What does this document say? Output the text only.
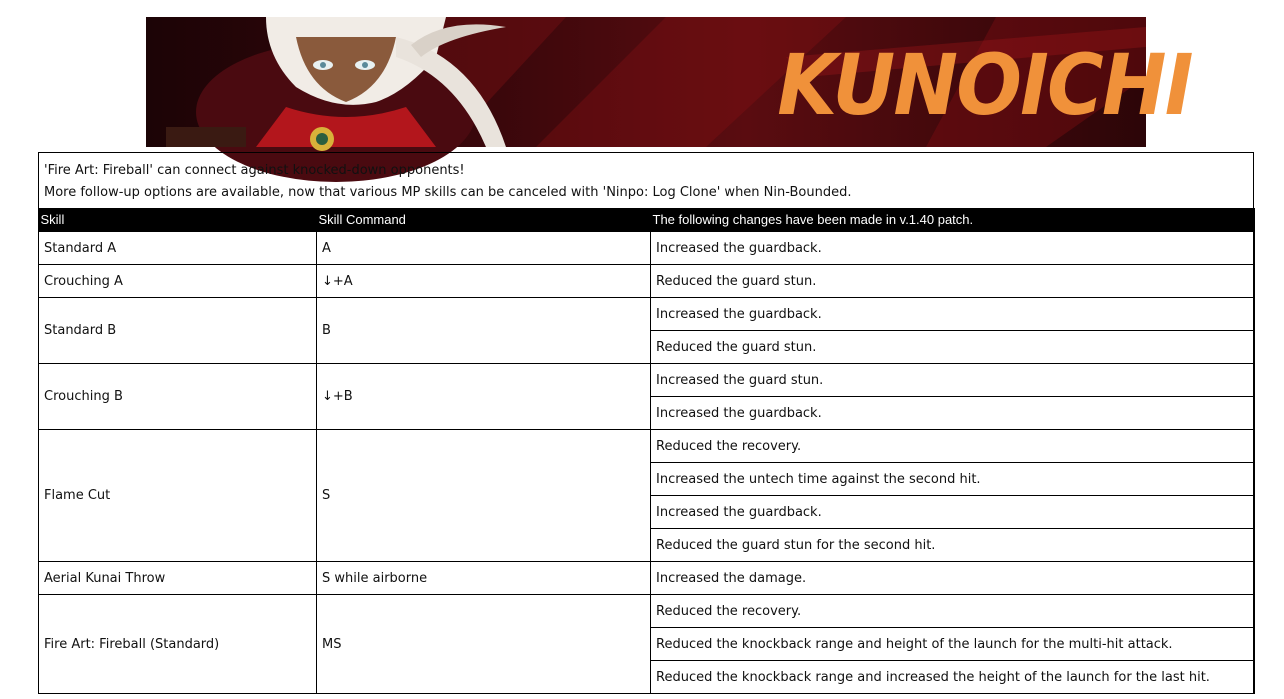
KUNOICHI
'Fire Art: Fireball' can connect against knocked-down opponents!
More follow-up options are available, now that various MP skills can be canceled with 'Ninpo: Log Clone' when Nin-Bounded.
Skill	Skill Command	The following changes have been made in v.1.40 patch.
Standard A	A	Increased the guardback.
Crouching A	↓+A	Reduced the guard stun.
Standard B	B	Increased the guardback.
		Reduced the guard stun.
Crouching B	↓+B	Increased the guard stun.
		Increased the guardback.
Flame Cut	S	Reduced the recovery.
		Increased the untech time against the second hit.
		Increased the guardback.
		Reduced the guard stun for the second hit.
Aerial Kunai Throw	S while airborne	Increased the damage.
Fire Art: Fireball (Standard)	MS	Reduced the recovery.
		Reduced the knockback range and height of the launch for the multi-hit attack.
		Reduced the knockback range and increased the height of the launch for the last hit.
